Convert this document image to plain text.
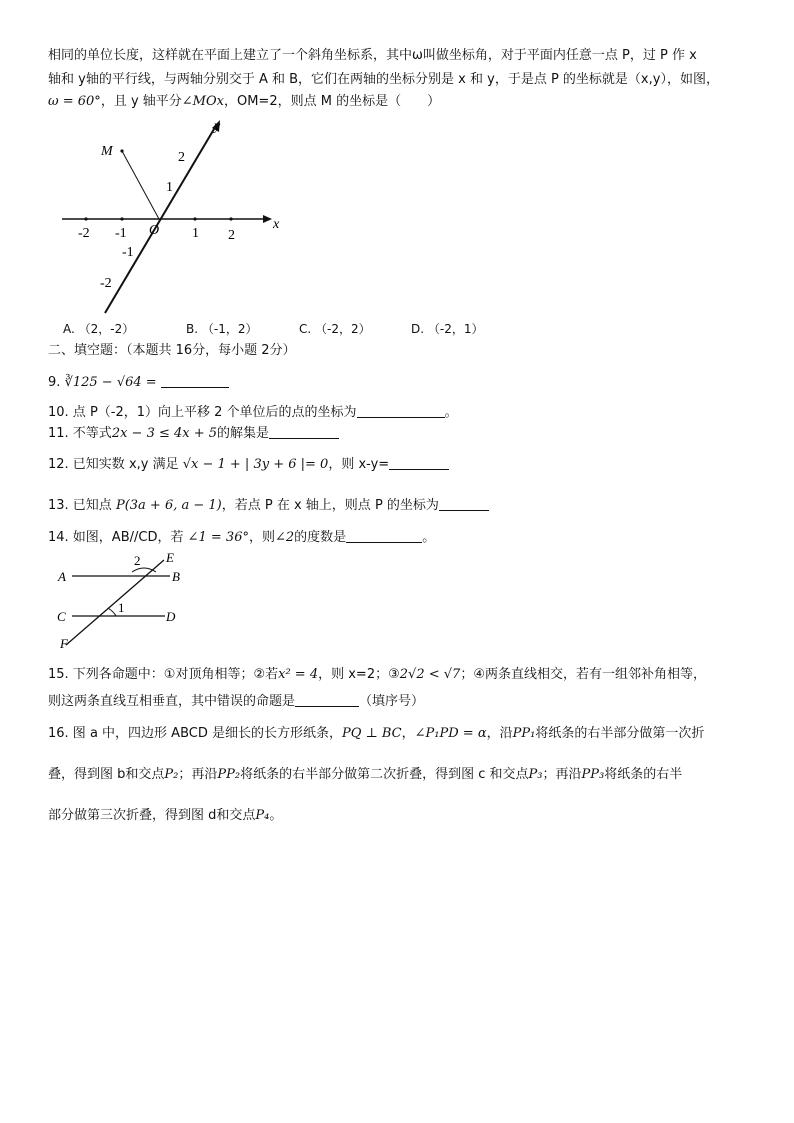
相同的单位长度，这样就在平面上建立了一个斜角坐标系，其中ω叫做坐标角，对于平面内任意一点 P，过 P 作 x
轴和 y轴的平行线，与两轴分别交于 A 和 B，它们在两轴的坐标分别是 x 和 y，于是点 P 的坐标就是（x,y），如图，
ω = 60°，且 y 轴平分∠MOx，OM=2，则点 M 的坐标是（　　）
x
y
M
O
-2 -1	1 2
2
1
-1
-2
A. （2，-2）	B. （-1，2）	C. （-2，2）	D. （-2，1）
二、填空题：（本题共 16分，每小题 2分）
9. ∛125 − √64 =
10. 点 P（-2，1）向上平移 2 个单位后的点的坐标为	。
11. 不等式2x − 3 ≤ 4x + 5的解集是
12. 已知实数 x,y 满足 √x − 1 + | 3y + 6 |= 0，则 x-y=
13. 已知点 P(3a + 6, a − 1)，若点 P 在 x 轴上，则点 P 的坐标为
14. 如图，AB//CD，若 ∠1 = 36°，则∠2的度数是	。
A	B
C	D
E
F
2
1
15. 下列各命题中：①对顶角相等；②若x² = 4，则 x=2；③2√2 < √7；④两条直线相交，若有一组邻补角相等，
则这两条直线互相垂直，其中错误的命题是	（填序号）
16. 图 a 中，四边形 ABCD 是细长的长方形纸条，PQ ⊥ BC，∠P₁PD = α，沿PP₁将纸条的右半部分做第一次折
叠，得到图 b和交点P₂；再沿PP₂将纸条的右半部分做第二次折叠，得到图 c 和交点P₃；再沿PP₃将纸条的右半
部分做第三次折叠，得到图 d和交点P₄。
